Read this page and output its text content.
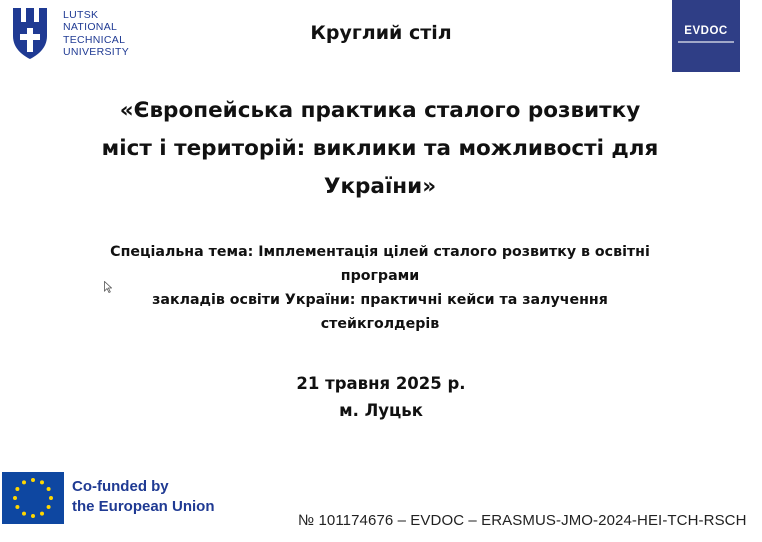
LUTSK
NATIONAL
TECHNICAL
UNIVERSITY
EVDOC
Круглий стіл
«Європейська практика сталого розвитку
міст і територій: виклики та можливості для
України»
Спеціальна тема: Імплементація цілей сталого розвитку в освітні
програми
закладів освіти України: практичні кейси та залучення
стейкголдерів
21 травня 2025 р.
м. Луцьк
Co-funded by
the European Union
№ 101174676 – EVDOC – ERASMUS-JMO-2024-HEI-TCH-RSCH
